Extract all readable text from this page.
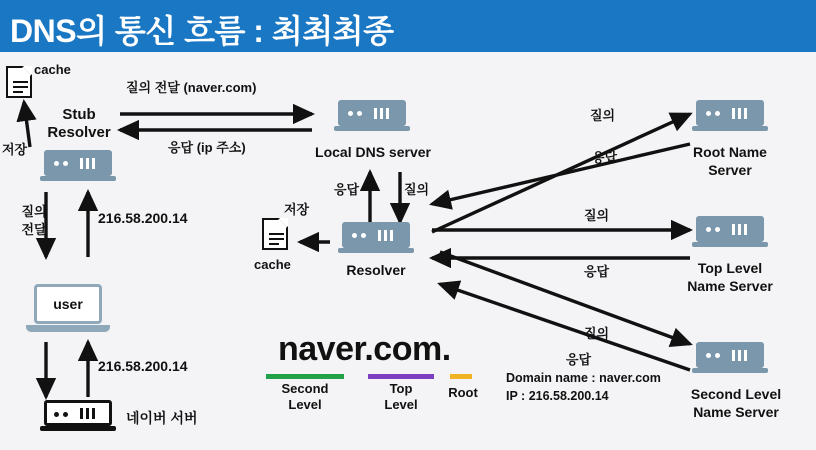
DNS의 통신 흐름 : 최최최종
cache
저장
Stub
Resolver
질의 전달 (naver.com)
응답 (ip 주소)
질의
전달
216.58.200.14
user
216.58.200.14
네이버 서버
Local DNS server
응답	질의
cache
저장
Resolver
Root Name
Server
질의
응답
Top Level
Name Server
질의
응답
Second Level
Name Server
질의
응답
naver.com.
Second
Level
Top
Level
Root
Domain name : naver.com
IP : 216.58.200.14
